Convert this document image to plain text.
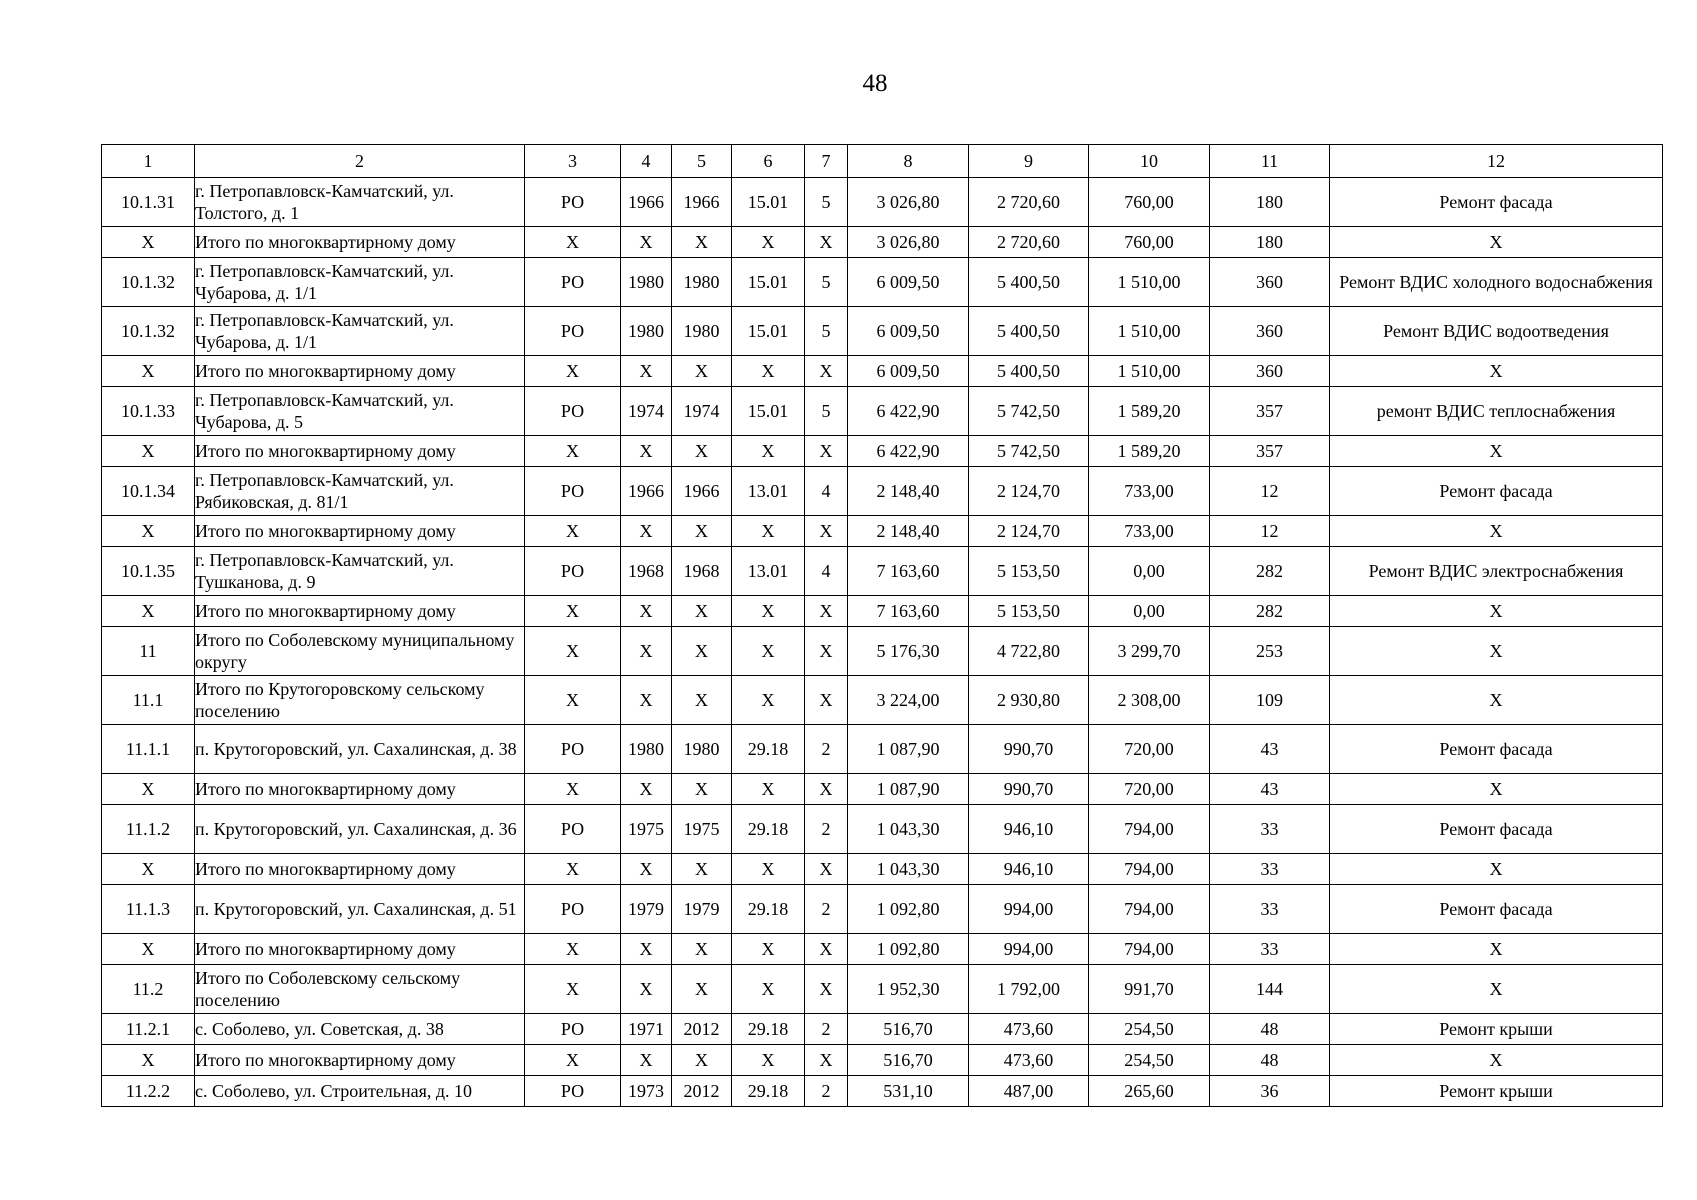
48
1	2	3	4	5	6	7	8	9	10	11	12
10.1.31	г. Петропавловск-Камчатский, ул. Толстого, д. 1	РО	1966	1966	15.01	5	3 026,80	2 720,60	760,00	180	Ремонт фасада
X	Итого по многоквартирному дому	X	X	X	X	X	3 026,80	2 720,60	760,00	180	X
10.1.32	г. Петропавловск-Камчатский, ул. Чубарова, д. 1/1	РО	1980	1980	15.01	5	6 009,50	5 400,50	1 510,00	360	Ремонт ВДИС холодного водоснабжения
10.1.32	г. Петропавловск-Камчатский, ул. Чубарова, д. 1/1	РО	1980	1980	15.01	5	6 009,50	5 400,50	1 510,00	360	Ремонт ВДИС водоотведения
X	Итого по многоквартирному дому	X	X	X	X	X	6 009,50	5 400,50	1 510,00	360	X
10.1.33	г. Петропавловск-Камчатский, ул. Чубарова, д. 5	РО	1974	1974	15.01	5	6 422,90	5 742,50	1 589,20	357	ремонт ВДИС теплоснабжения
X	Итого по многоквартирному дому	X	X	X	X	X	6 422,90	5 742,50	1 589,20	357	X
10.1.34	г. Петропавловск-Камчатский, ул. Рябиковская, д. 81/1	РО	1966	1966	13.01	4	2 148,40	2 124,70	733,00	12	Ремонт фасада
X	Итого по многоквартирному дому	X	X	X	X	X	2 148,40	2 124,70	733,00	12	X
10.1.35	г. Петропавловск-Камчатский, ул. Тушканова, д. 9	РО	1968	1968	13.01	4	7 163,60	5 153,50	0,00	282	Ремонт ВДИС электроснабжения
X	Итого по многоквартирному дому	X	X	X	X	X	7 163,60	5 153,50	0,00	282	X
11	Итого по Соболевскому муниципальному округу	X	X	X	X	X	5 176,30	4 722,80	3 299,70	253	X
11.1	Итого по Крутогоровскому сельскому поселению	X	X	X	X	X	3 224,00	2 930,80	2 308,00	109	X
11.1.1	п. Крутогоровский, ул. Сахалинская, д. 38	РО	1980	1980	29.18	2	1 087,90	990,70	720,00	43	Ремонт фасада
X	Итого по многоквартирному дому	X	X	X	X	X	1 087,90	990,70	720,00	43	X
11.1.2	п. Крутогоровский, ул. Сахалинская, д. 36	РО	1975	1975	29.18	2	1 043,30	946,10	794,00	33	Ремонт фасада
X	Итого по многоквартирному дому	X	X	X	X	X	1 043,30	946,10	794,00	33	X
11.1.3	п. Крутогоровский, ул. Сахалинская, д. 51	РО	1979	1979	29.18	2	1 092,80	994,00	794,00	33	Ремонт фасада
X	Итого по многоквартирному дому	X	X	X	X	X	1 092,80	994,00	794,00	33	X
11.2	Итого по Соболевскому сельскому поселению	X	X	X	X	X	1 952,30	1 792,00	991,70	144	X
11.2.1	с. Соболево, ул. Советская, д. 38	РО	1971	2012	29.18	2	516,70	473,60	254,50	48	Ремонт крыши
X	Итого по многоквартирному дому	X	X	X	X	X	516,70	473,60	254,50	48	X
11.2.2	с. Соболево, ул. Строительная, д. 10	РО	1973	2012	29.18	2	531,10	487,00	265,60	36	Ремонт крыши
